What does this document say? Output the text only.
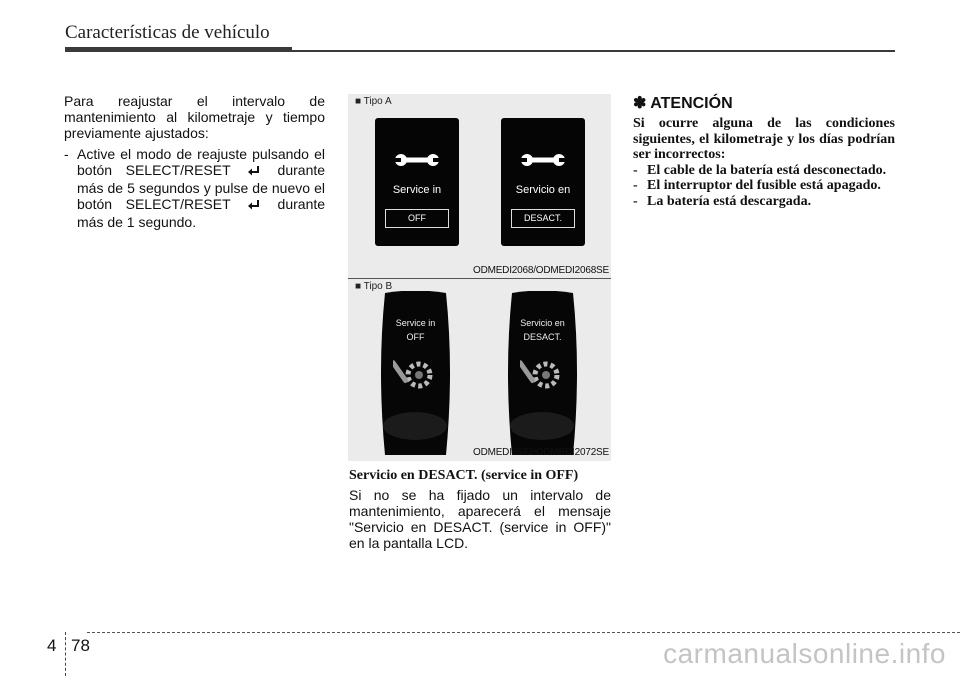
Características de vehículo

Para reajustar el intervalo de mantenimiento al kilometraje y tiempo previamente ajustados:

- Active el modo de reajuste pulsando el botón SELECT/RESET	durante más de 5 segundos y pulse de nuevo el botón SELECT/RESET	durante más de 1 segundo.
■ Tipo A
Service in
OFF
Servicio en
DESACT.
ODMEDI2068/ODMEDI2068SE
■ Tipo B
Service in
OFF
Servicio en
DESACT.
ODMEDI2072/ODMEDI2072SE
Servicio en DESACT. (service in OFF)

Si no se ha fijado un intervalo de mantenimiento, aparecerá el mensaje "Servicio en DESACT. (service in OFF)" en la pantalla LCD.

✽ ATENCIÓN

Si ocurre alguna de las condiciones siguientes, el kilometraje y los días podrían ser incorrectos:

- El cable de la batería está desconectado.
- El interruptor del fusible está apagado.
- La batería está descargada.
4 78	carmanualsonline.info
